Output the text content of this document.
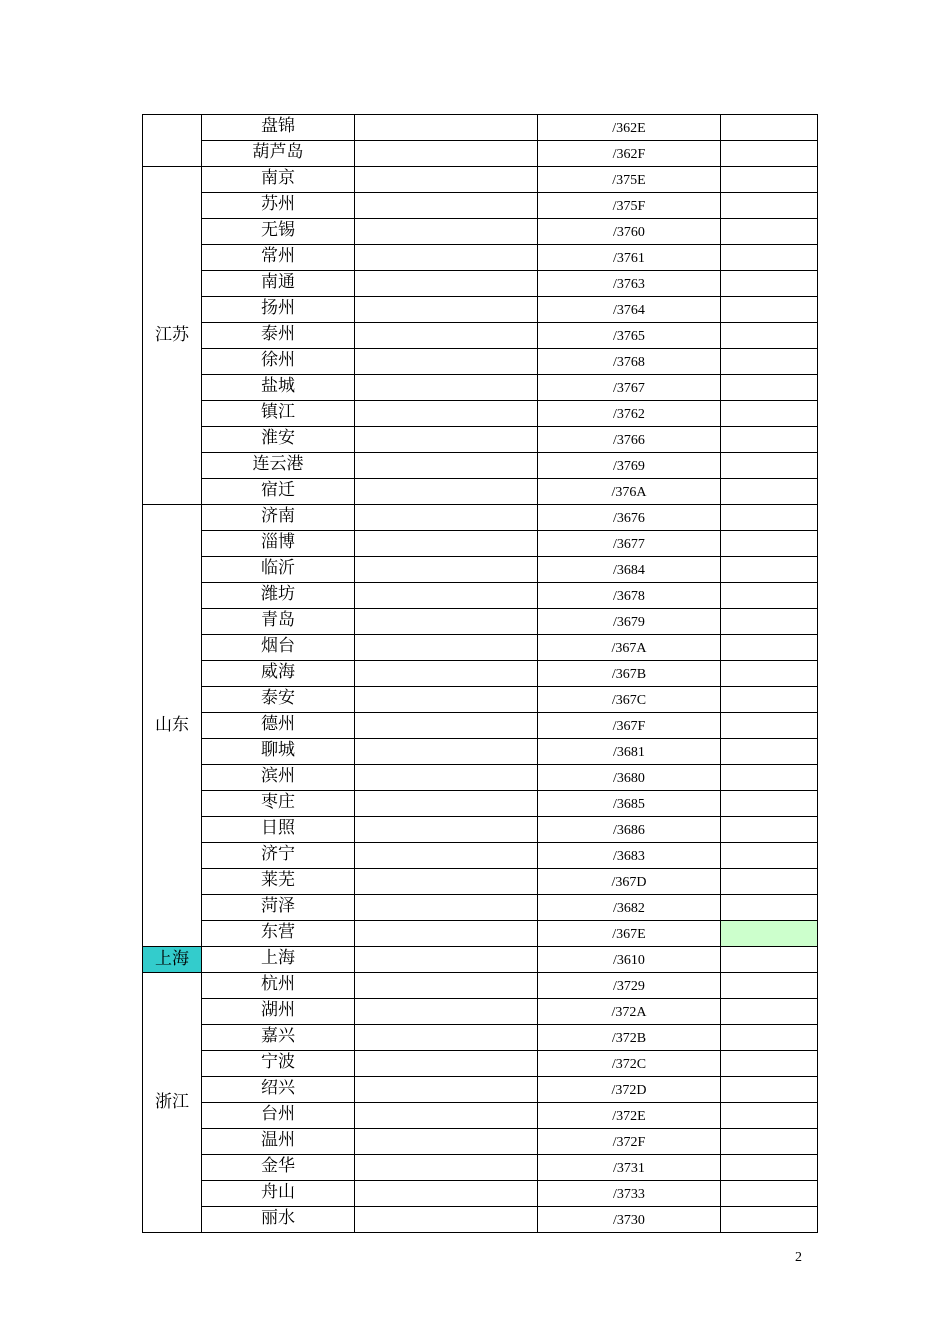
	盘锦		/362E	

	葫芦岛		/362F	

江苏	南京		/375E	

	苏州		/375F	

	无锡		/3760	

	常州		/3761	

	南通		/3763	

	扬州		/3764	

	泰州		/3765	

	徐州		/3768	

	盐城		/3767	

	镇江		/3762	

	淮安		/3766	

	连云港		/3769	

	宿迁		/376A	

山东	济南		/3676	

	淄博		/3677	

	临沂		/3684	

	潍坊		/3678	

	青岛		/3679	

	烟台		/367A	

	威海		/367B	

	泰安		/367C	

	德州		/367F	

	聊城		/3681	

	滨州		/3680	

	枣庄		/3685	

	日照		/3686	

	济宁		/3683	

	莱芜		/367D	

	菏泽		/3682	

	东营		/367E	

上海	上海		/3610	

浙江	杭州		/3729	

	湖州		/372A	

	嘉兴		/372B	

	宁波		/372C	

	绍兴		/372D	

	台州		/372E	

	温州		/372F	

	金华		/3731	

	舟山		/3733	

	丽水		/3730	

2
